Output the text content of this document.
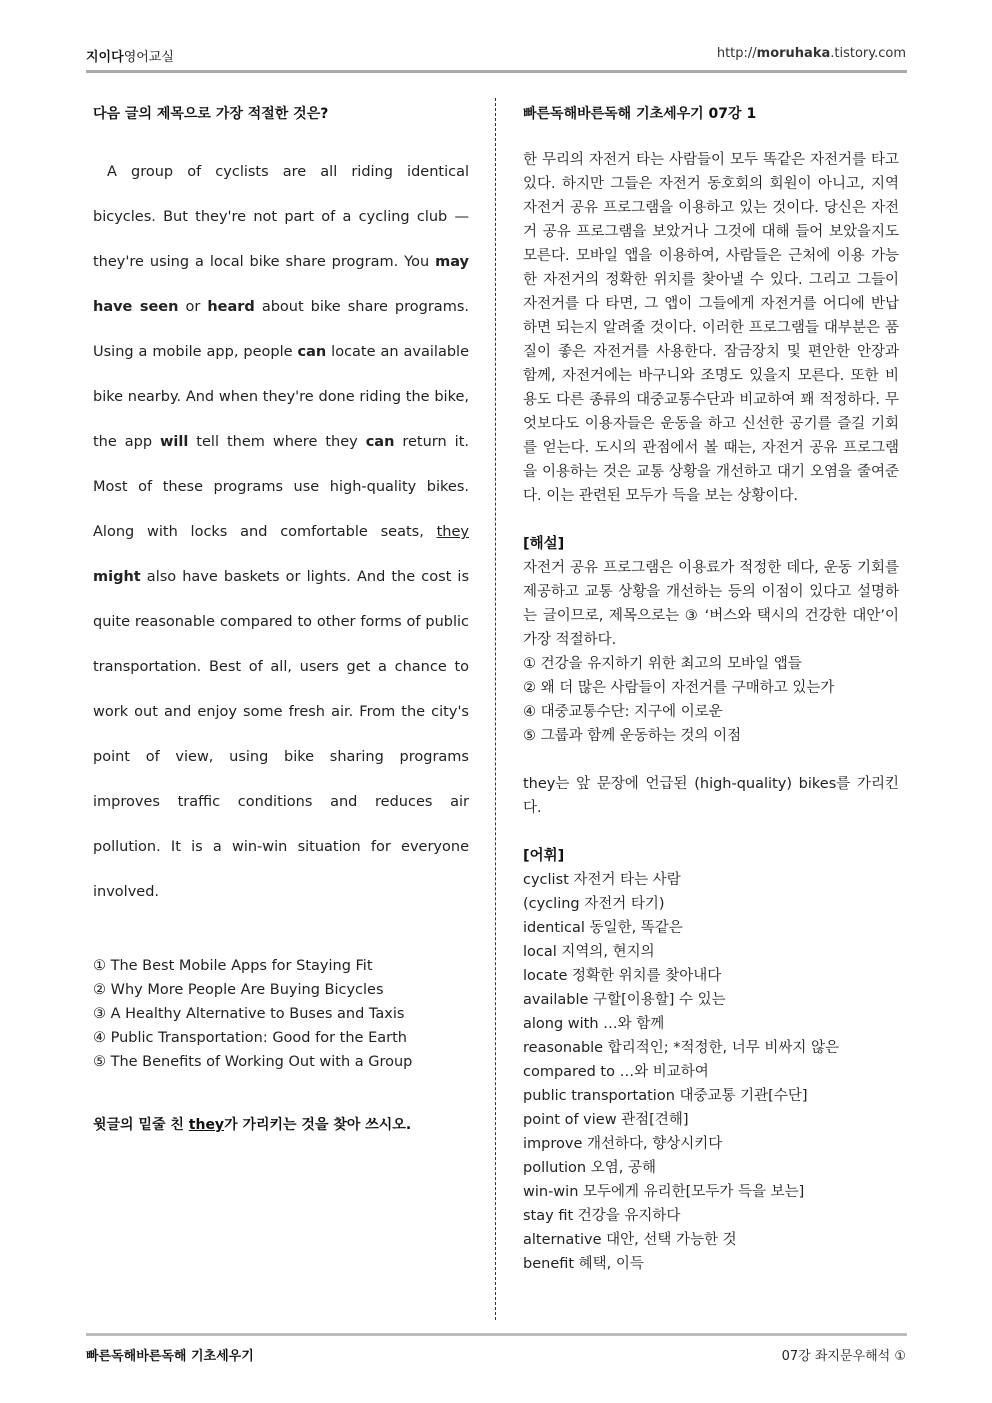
지이다영어교실	http://moruhaka.tistory.com

다음 글의 제목으로 가장 적절한 것은?

A group of cyclists are all riding identical bicycles. But they're not part of a cycling club — they're using a local bike share program. You may have seen or heard about bike share programs. Using a mobile app, people can locate an available bike nearby. And when they're done riding the bike, the app will tell them where they can return it. Most of these programs use high-quality bikes. Along with locks and comfortable seats, they might also have baskets or lights. And the cost is quite reasonable compared to other forms of public transportation. Best of all, users get a chance to work out and enjoy some fresh air. From the city's point of view, using bike sharing programs improves traffic conditions and reduces air pollution. It is a win-win situation for everyone involved.

① The Best Mobile Apps for Staying Fit
② Why More People Are Buying Bicycles
③ A Healthy Alternative to Buses and Taxis
④ Public Transportation: Good for the Earth
⑤ The Benefits of Working Out with a Group

윗글의 밑줄 친 they가 가리키는 것을 찾아 쓰시오.

빠른독해바른독해 기초세우기 07강 1

한 무리의 자전거 타는 사람들이 모두 똑같은 자전거를 타고 있다. 하지만 그들은 자전거 동호회의 회원이 아니고, 지역 자전거 공유 프로그램을 이용하고 있는 것이다. 당신은 자전거 공유 프로그램을 보았거나 그것에 대해 들어 보았을지도 모른다. 모바일 앱을 이용하여, 사람들은 근처에 이용 가능한 자전거의 정확한 위치를 찾아낼 수 있다. 그리고 그들이 자전거를 다 타면, 그 앱이 그들에게 자전거를 어디에 반납하면 되는지 알려줄 것이다. 이러한 프로그램들 대부분은 품질이 좋은 자전거를 사용한다. 잠금장치 및 편안한 안장과 함께, 자전거에는 바구니와 조명도 있을지 모른다. 또한 비용도 다른 종류의 대중교통수단과 비교하여 꽤 적정하다. 무엇보다도 이용자들은 운동을 하고 신선한 공기를 즐길 기회를 얻는다. 도시의 관점에서 볼 때는, 자전거 공유 프로그램을 이용하는 것은 교통 상황을 개선하고 대기 오염을 줄여준다. 이는 관련된 모두가 득을 보는 상황이다.
[해설]
자전거 공유 프로그램은 이용료가 적정한 데다, 운동 기회를 제공하고 교통 상황을 개선하는 등의 이점이 있다고 설명하는 글이므로, 제목으로는 ③ ‘버스와 택시의 건강한 대안’이 가장 적절하다.
① 건강을 유지하기 위한 최고의 모바일 앱들
② 왜 더 많은 사람들이 자전거를 구매하고 있는가
④ 대중교통수단: 지구에 이로운
⑤ 그룹과 함께 운동하는 것의 이점
they는 앞 문장에 언급된 (high-quality) bikes를 가리킨다.
[어휘]
cyclist 자전거 타는 사람
(cycling 자전거 타기)
identical 동일한, 똑같은
local 지역의, 현지의
locate 정확한 위치를 찾아내다
available 구할[이용할] 수 있는
along with …와 함께
reasonable 합리적인; *적정한, 너무 비싸지 않은
compared to …와 비교하여
public transportation 대중교통 기관[수단]
point of view 관점[견해]
improve 개선하다, 향상시키다
pollution 오염, 공해
win-win 모두에게 유리한[모두가 득을 보는]
stay fit 건강을 유지하다
alternative 대안, 선택 가능한 것
benefit 혜택, 이득
빠른독해바른독해 기초세우기	07강 좌지문우해석 ①
